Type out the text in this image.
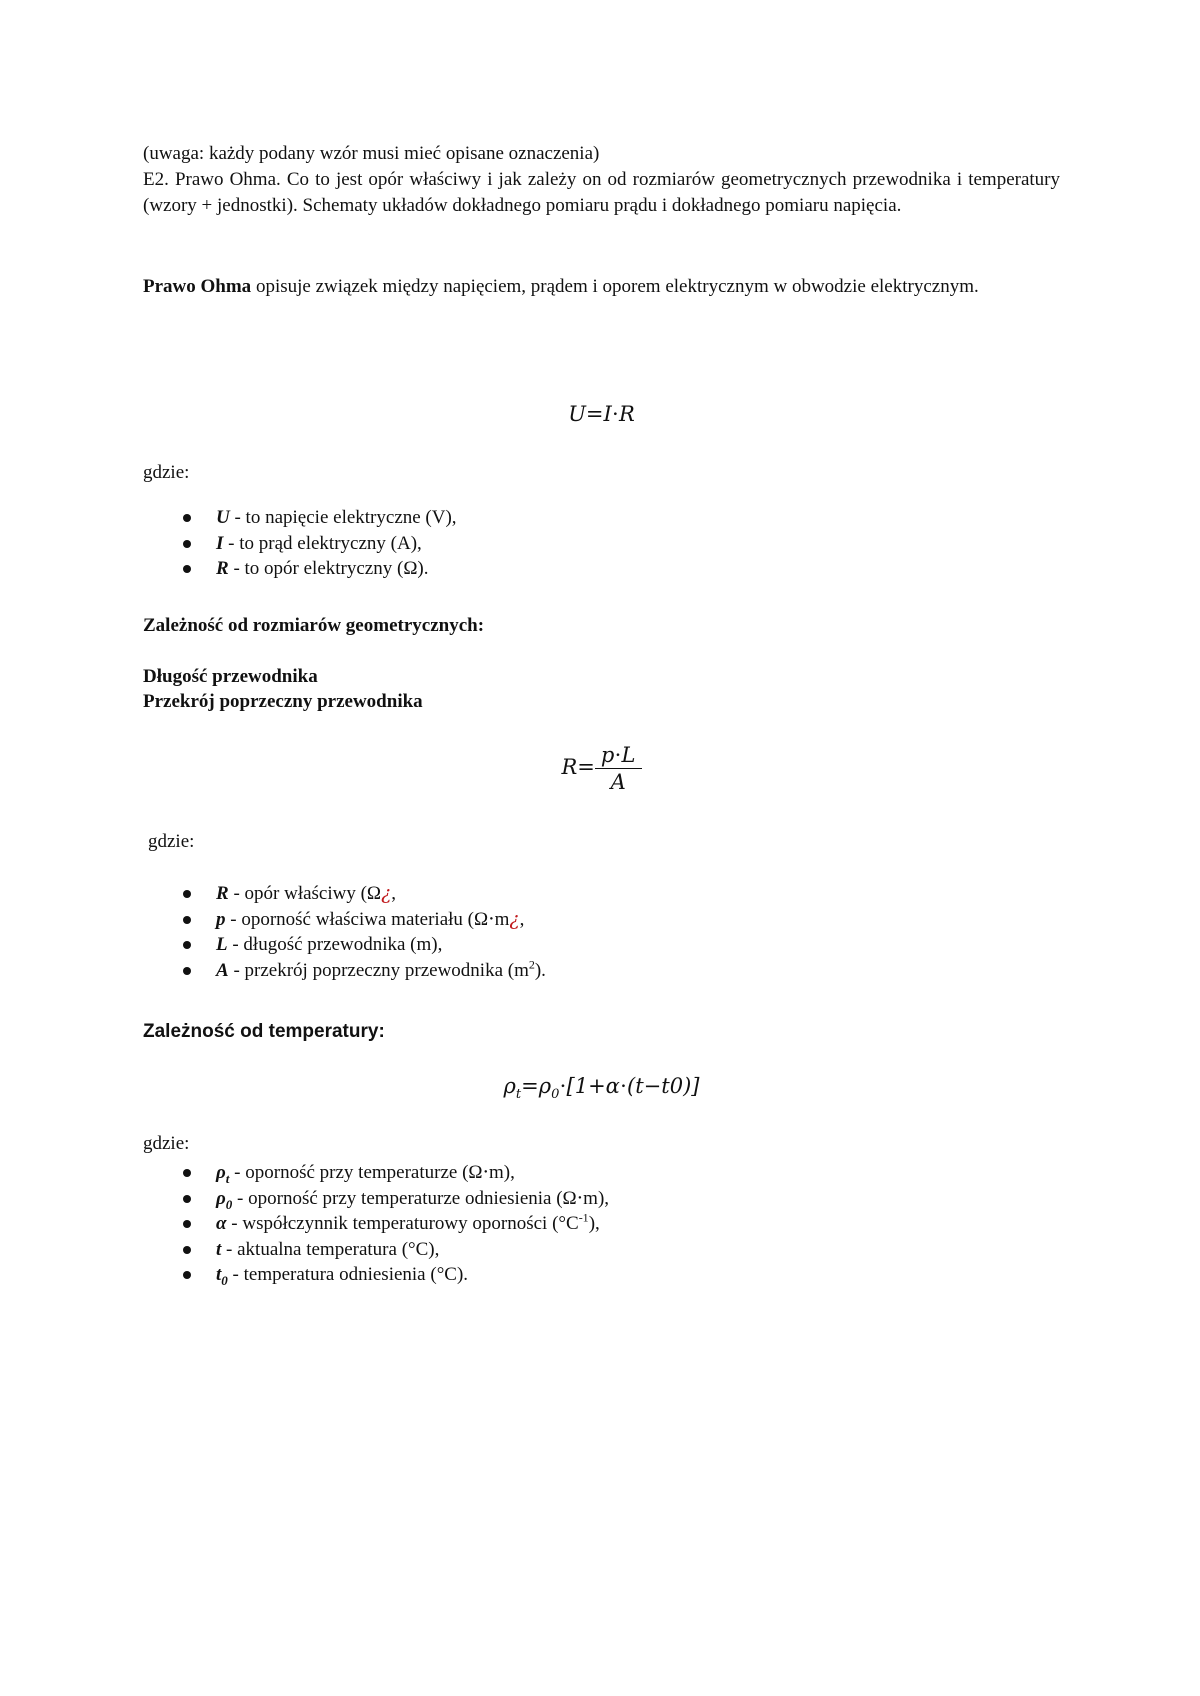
(uwaga: każdy podany wzór musi mieć opisane oznaczenia)
E2. Prawo Ohma. Co to jest opór właściwy i jak zależy on od rozmiarów geometrycznych przewodnika i temperatury (wzory + jednostki). Schematy układów dokładnego pomiaru prądu i dokładnego pomiaru napięcia.
Prawo Ohma opisuje związek między napięciem, prądem i oporem elektrycznym w obwodzie elektrycznym.
U=I⋅R
gdzie:
U - to napięcie elektryczne (V),
I - to prąd elektryczny (A),
R - to opór elektryczny (Ω).
Zależność od rozmiarów geometrycznych:
Długość przewodnika
Przekrój poprzeczny przewodnika
$R= \frac{p\cdot L}{A}$
gdzie:
R - opór właściwy (Ω¿,
p - oporność właściwa materiału (Ω⋅m¿,
L - długość przewodnika (m),
A - przekrój poprzeczny przewodnika $(m^2)$.
Zależność od temperatury:
$\rho_t=\rho_0\cdot[1+\alpha\cdot(t-t0)]$
gdzie:
$\rho_t$ - oporność przy temperaturze (Ω⋅m),
$\rho_0$ - oporność przy temperaturze odniesienia (Ω⋅m),
α - współczynnik temperaturowy oporności $(^\circ C^{-1})$,
t - aktualna temperatura (°C),
$t_0$ - temperatura odniesienia (°C).
